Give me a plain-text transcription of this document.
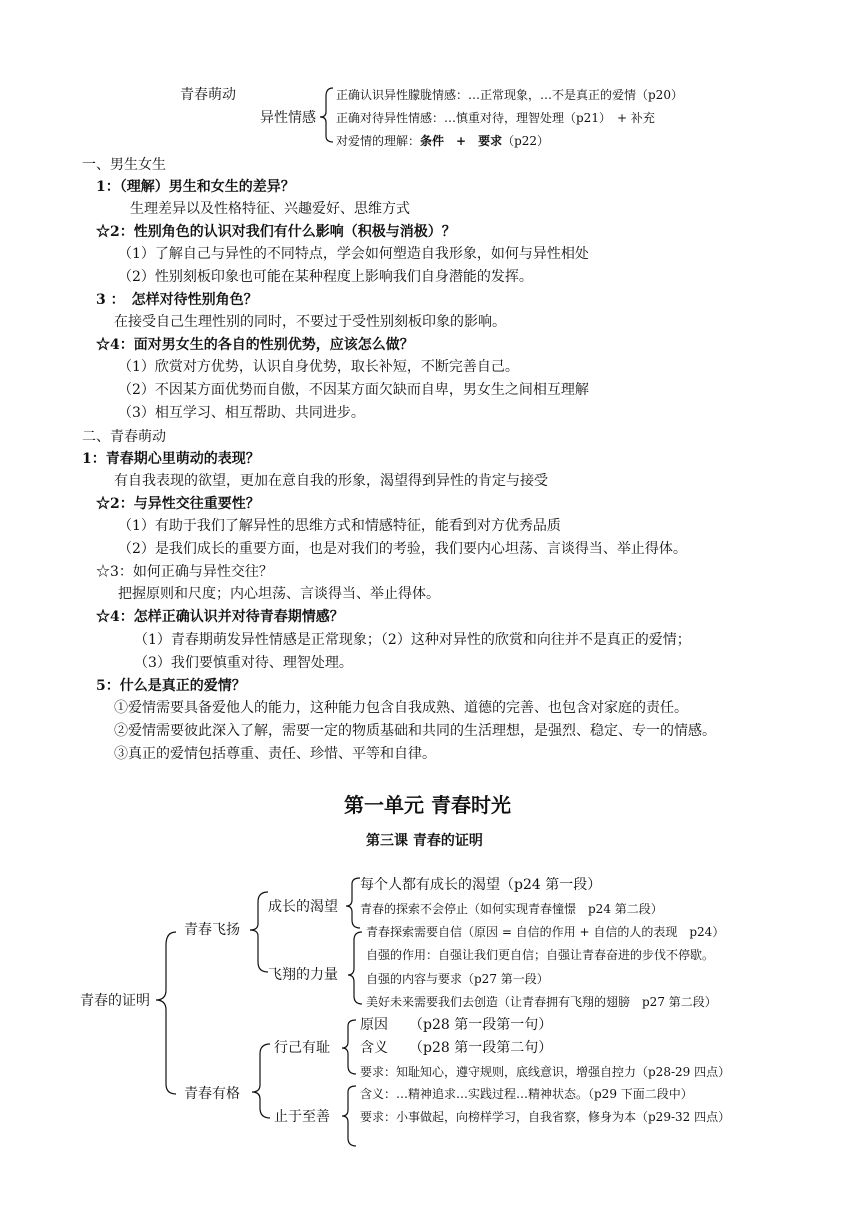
青春萌动
异性情感
正确认识异性朦胧情感：…正常现象，…不是真正的爱情（p20）
正确对待异性情感：…慎重对待，理智处理（p21）　+ 补充
对爱情的理解：条件　+　要求（p22）
一、男生女生
1：（理解）男生和女生的差异？
生理差异以及性格特征、兴趣爱好、思维方式
☆2：性别角色的认识对我们有什么影响（积极与消极）？
（1）了解自己与异性的不同特点，学会如何塑造自我形象，如何与异性相处
（2）性别刻板印象也可能在某种程度上影响我们自身潜能的发挥。
3 ：　怎样对待性别角色？
在接受自己生理性别的同时，不要过于受性别刻板印象的影响。
☆4：面对男女生的各自的性别优势，应该怎么做？
（1）欣赏对方优势，认识自身优势，取长补短，不断完善自己。
（2）不因某方面优势而自傲，不因某方面欠缺而自卑，男女生之间相互理解
（3）相互学习、相互帮助、共同进步。
二、青春萌动
1：青春期心里萌动的表现？
有自我表现的欲望，更加在意自我的形象，渴望得到异性的肯定与接受
☆2：与异性交往重要性？
（1）有助于我们了解异性的思维方式和情感特征，能看到对方优秀品质
（2）是我们成长的重要方面，也是对我们的考验，我们要内心坦荡、言谈得当、举止得体。
☆3：如何正确与异性交往？
把握原则和尺度；内心坦荡、言谈得当、举止得体。
☆4：怎样正确认识并对待青春期情感？
（1）青春期萌发异性情感是正常现象；（2）这种对异性的欣赏和向往并不是真正的爱情；
（3）我们要慎重对待、理智处理。
5：什么是真正的爱情？
①爱情需要具备爱他人的能力，这种能力包含自我成熟、道德的完善、也包含对家庭的责任。
②爱情需要彼此深入了解，需要一定的物质基础和共同的生活理想，是强烈、稳定、专一的情感。
③真正的爱情包括尊重、责任、珍惜、平等和自律。
第一单元 青春时光
第三课 青春的证明
青春的证明
青春飞扬
成长的渴望
每个人都有成长的渴望（p24 第一段）
青春的探索不会停止（如何实现青春憧憬　p24 第二段）
飞翔的力量
青春探索需要自信（原因 = 自信的作用 + 自信的人的表现　p24）
自强的作用：自强让我们更自信；自强让青春奋进的步伐不停歇。
自强的内容与要求（p27 第一段）
美好未来需要我们去创造（让青春拥有飞翔的翅膀　p27 第二段）
青春有格
行己有耻
原因　　（p28 第一段第一句）
含义　　（p28 第一段第二句）
要求：知耻知心，遵守规则，底线意识，增强自控力（p28-29 四点）
止于至善
含义：…精神追求…实践过程…精神状态。（p29 下面二段中）
要求：小事做起，向榜样学习，自我省察，修身为本（p29-32 四点）
